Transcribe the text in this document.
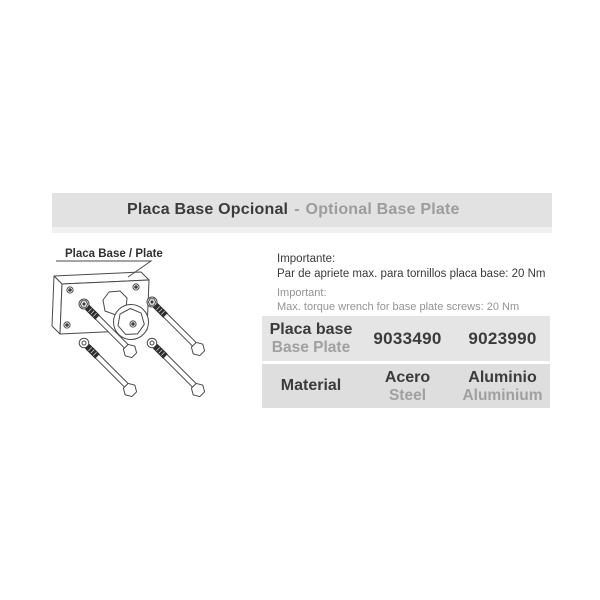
Placa Base Opcional - Optional Base Plate
Placa Base / Plate	Importante:
Par de apriete max. para tornillos placa base: 20 Nm
Important:
Max. torque wrench for base plate screws: 20 Nm
Placa base
Base Plate 9033490 9023990
Material	Acero
Steel
Aluminio
Aluminium
